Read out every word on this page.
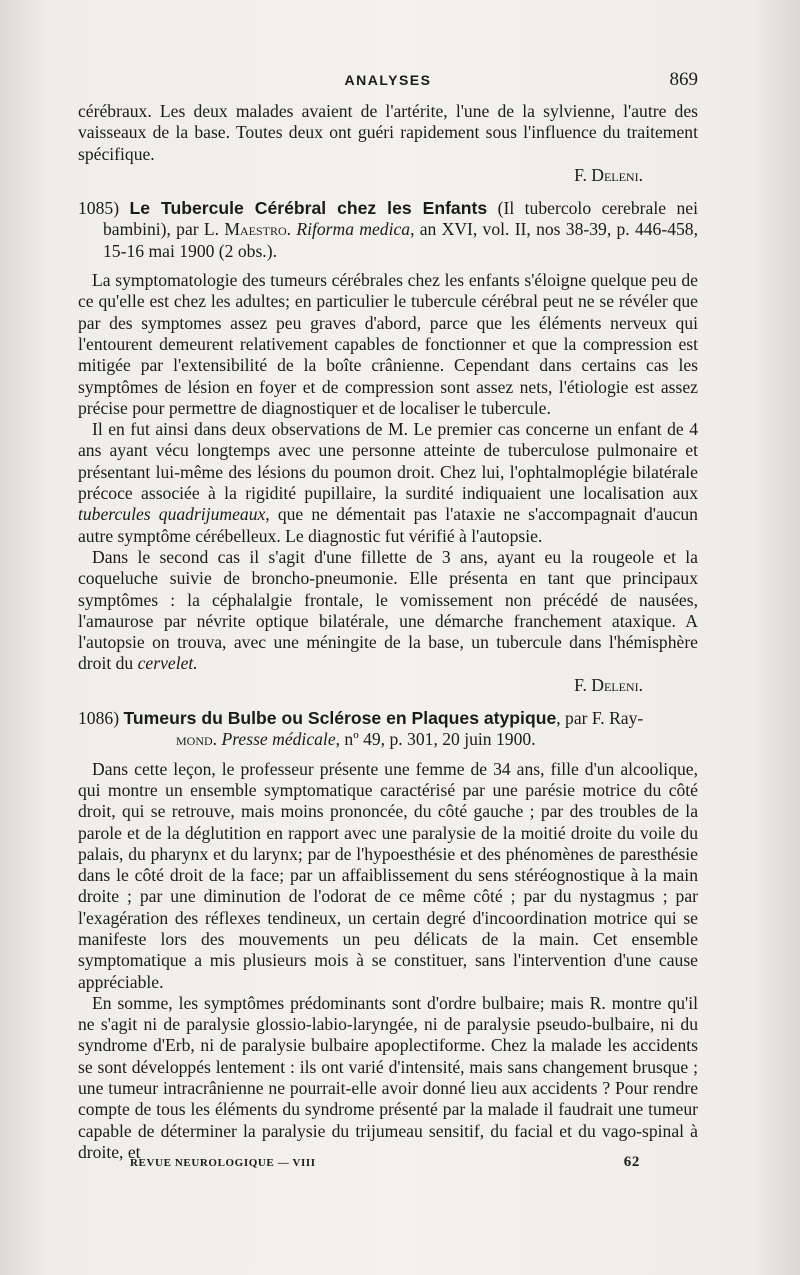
ANALYSES	869

cérébraux. Les deux malades avaient de l'artérite, l'une de la sylvienne, l'autre des vaisseaux de la base. Toutes deux ont guéri rapidement sous l'influence du traitement spécifique.

F. Deleni.

1085) Le Tubercule Cérébral chez les Enfants (Il tubercolo cerebrale nei bambini), par L. Maestro. Riforma medica, an XVI, vol. II, nos 38-39, p. 446-458, 15-16 mai 1900 (2 obs.).

La symptomatologie des tumeurs cérébrales chez les enfants s'éloigne quelque peu de ce qu'elle est chez les adultes; en particulier le tubercule cérébral peut ne se révéler que par des symptomes assez peu graves d'abord, parce que les éléments nerveux qui l'entourent demeurent relativement capables de fonctionner et que la compression est mitigée par l'extensibilité de la boîte crânienne. Cependant dans certains cas les symptômes de lésion en foyer et de compression sont assez nets, l'étiologie est assez précise pour permettre de diagnostiquer et de localiser le tubercule.

Il en fut ainsi dans deux observations de M. Le premier cas concerne un enfant de 4 ans ayant vécu longtemps avec une personne atteinte de tuberculose pulmonaire et présentant lui-même des lésions du poumon droit. Chez lui, l'ophtalmoplégie bilatérale précoce associée à la rigidité pupillaire, la surdité indiquaient une localisation aux tubercules quadrijumeaux, que ne démentait pas l'ataxie ne s'accompagnait d'aucun autre symptôme cérébelleux. Le diagnostic fut vérifié à l'autopsie.

Dans le second cas il s'agit d'une fillette de 3 ans, ayant eu la rougeole et la coqueluche suivie de broncho-pneumonie. Elle présenta en tant que principaux symptômes : la céphalalgie frontale, le vomissement non précédé de nausées, l'amaurose par névrite optique bilatérale, une démarche franchement ataxique. A l'autopsie on trouva, avec une méningite de la base, un tubercule dans l'hémisphère droit du cervelet.

F. Deleni.

1086) Tumeurs du Bulbe ou Sclérose en Plaques atypique, par F. Ray-

mond. Presse médicale, nº 49, p. 301, 20 juin 1900.

Dans cette leçon, le professeur présente une femme de 34 ans, fille d'un alcoolique, qui montre un ensemble symptomatique caractérisé par une parésie motrice du côté droit, qui se retrouve, mais moins prononcée, du côté gauche ; par des troubles de la parole et de la déglutition en rapport avec une paralysie de la moitié droite du voile du palais, du pharynx et du larynx; par de l'hypoesthésie et des phénomènes de paresthésie dans le côté droit de la face; par un affaiblissement du sens stéréognostique à la main droite ; par une diminution de l'odorat de ce même côté ; par du nystagmus ; par l'exagération des réflexes tendineux, un certain degré d'incoordination motrice qui se manifeste lors des mouvements un peu délicats de la main. Cet ensemble symptomatique a mis plusieurs mois à se constituer, sans l'intervention d'une cause appréciable.

En somme, les symptômes prédominants sont d'ordre bulbaire; mais R. montre qu'il ne s'agit ni de paralysie glossio-labio-laryngée, ni de paralysie pseudo-bulbaire, ni du syndrome d'Erb, ni de paralysie bulbaire apoplectiforme. Chez la malade les accidents se sont développés lentement : ils ont varié d'intensité, mais sans changement brusque ; une tumeur intracrânienne ne pourrait-elle avoir donné lieu aux accidents ? Pour rendre compte de tous les éléments du syndrome présenté par la malade il faudrait une tumeur capable de déterminer la paralysie du trijumeau sensitif, du facial et du vago-spinal à droite, et

REVUE NEUROLOGIQUE — VIII	62
